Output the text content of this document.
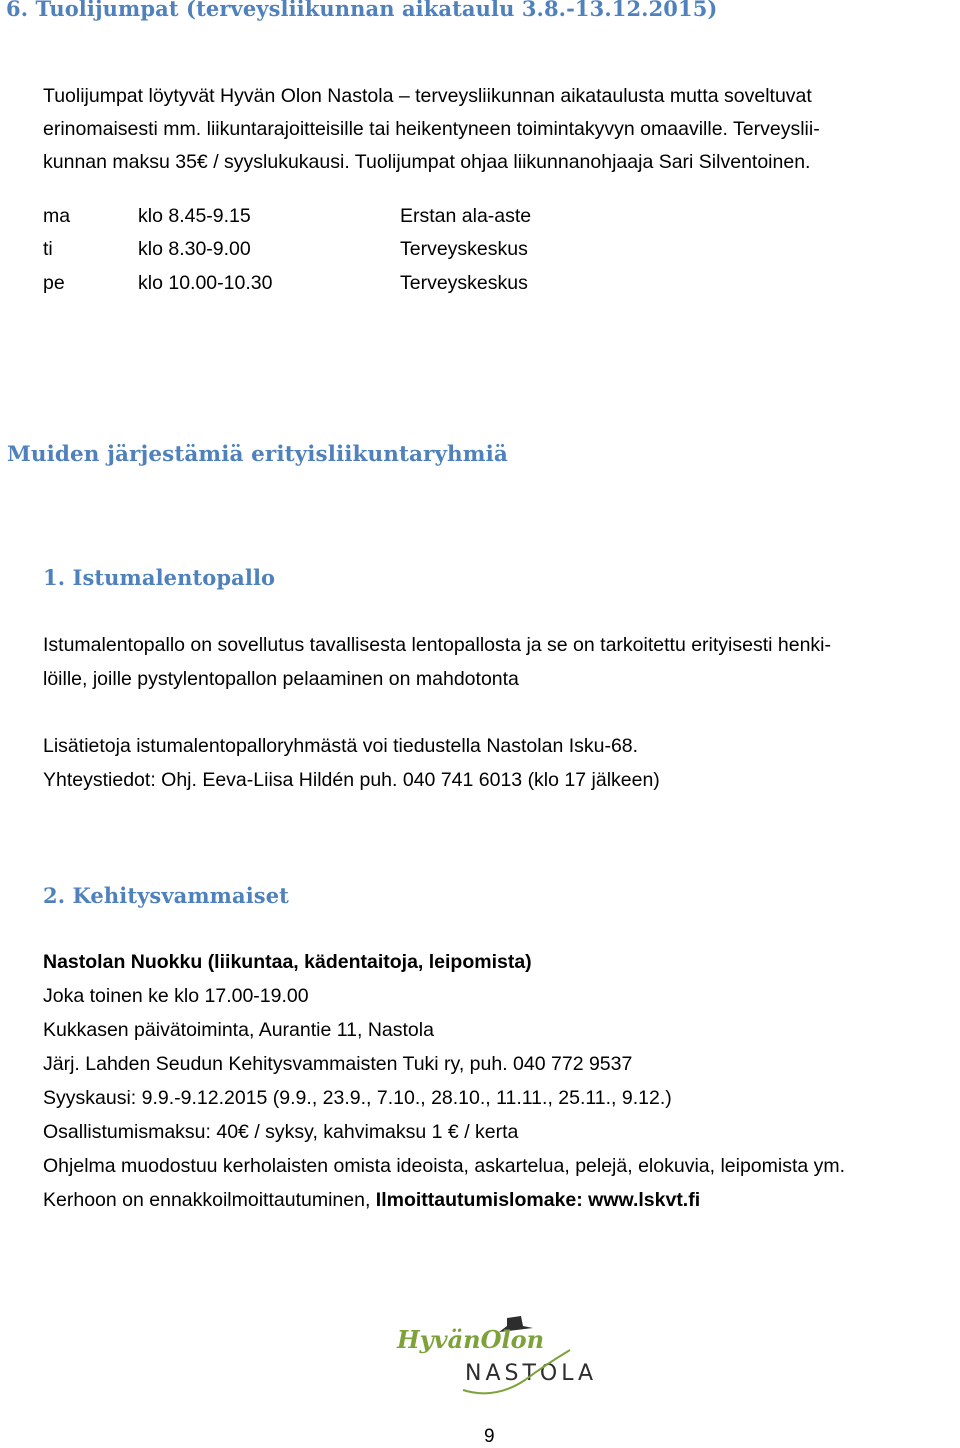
6. Tuolijumpat (terveysliikunnan aikataulu 3.8.-13.12.2015)
Tuolijumpat löytyvät Hyvän Olon Nastola – terveysliikunnan aikataulusta mutta soveltuvat
erinomaisesti mm. liikuntarajoitteisille tai heikentyneen toimintakyvyn omaaville. Terveyslii-
kunnan maksu 35€ / syyslukukausi. Tuolijumpat ohjaa liikunnanohjaaja Sari Silventoinen.
ma	klo 8.45-9.15	Erstan ala-aste
ti	klo 8.30-9.00	Terveyskeskus
pe	klo 10.00-10.30	Terveyskeskus
Muiden järjestämiä erityisliikuntaryhmiä
1. Istumalentopallo
Istumalentopallo on sovellutus tavallisesta lentopallosta ja se on tarkoitettu erityisesti henki-
löille, joille pystylentopallon pelaaminen on mahdotonta
Lisätietoja istumalentopalloryhmästä voi tiedustella Nastolan Isku-68.
Yhteystiedot: Ohj. Eeva-Liisa Hildén puh. 040 741 6013 (klo 17 jälkeen)
2. Kehitysvammaiset
Nastolan Nuokku (liikuntaa, kädentaitoja, leipomista)
Joka toinen ke klo 17.00-19.00
Kukkasen päivätoiminta, Aurantie 11, Nastola
Järj. Lahden Seudun Kehitysvammaisten Tuki ry, puh. 040 772 9537
Syyskausi: 9.9.-9.12.2015 (9.9., 23.9., 7.10., 28.10., 11.11., 25.11., 9.12.)
Osallistumismaksu: 40€ / syksy, kahvimaksu 1 € / kerta
Ohjelma muodostuu kerholaisten omista ideoista, askartelua, pelejä, elokuvia, leipomista ym.
Kerhoon on ennakkoilmoittautuminen, Ilmoittautumislomake: www.lskvt.fi
HyvänOlon
NASTOLA
9
